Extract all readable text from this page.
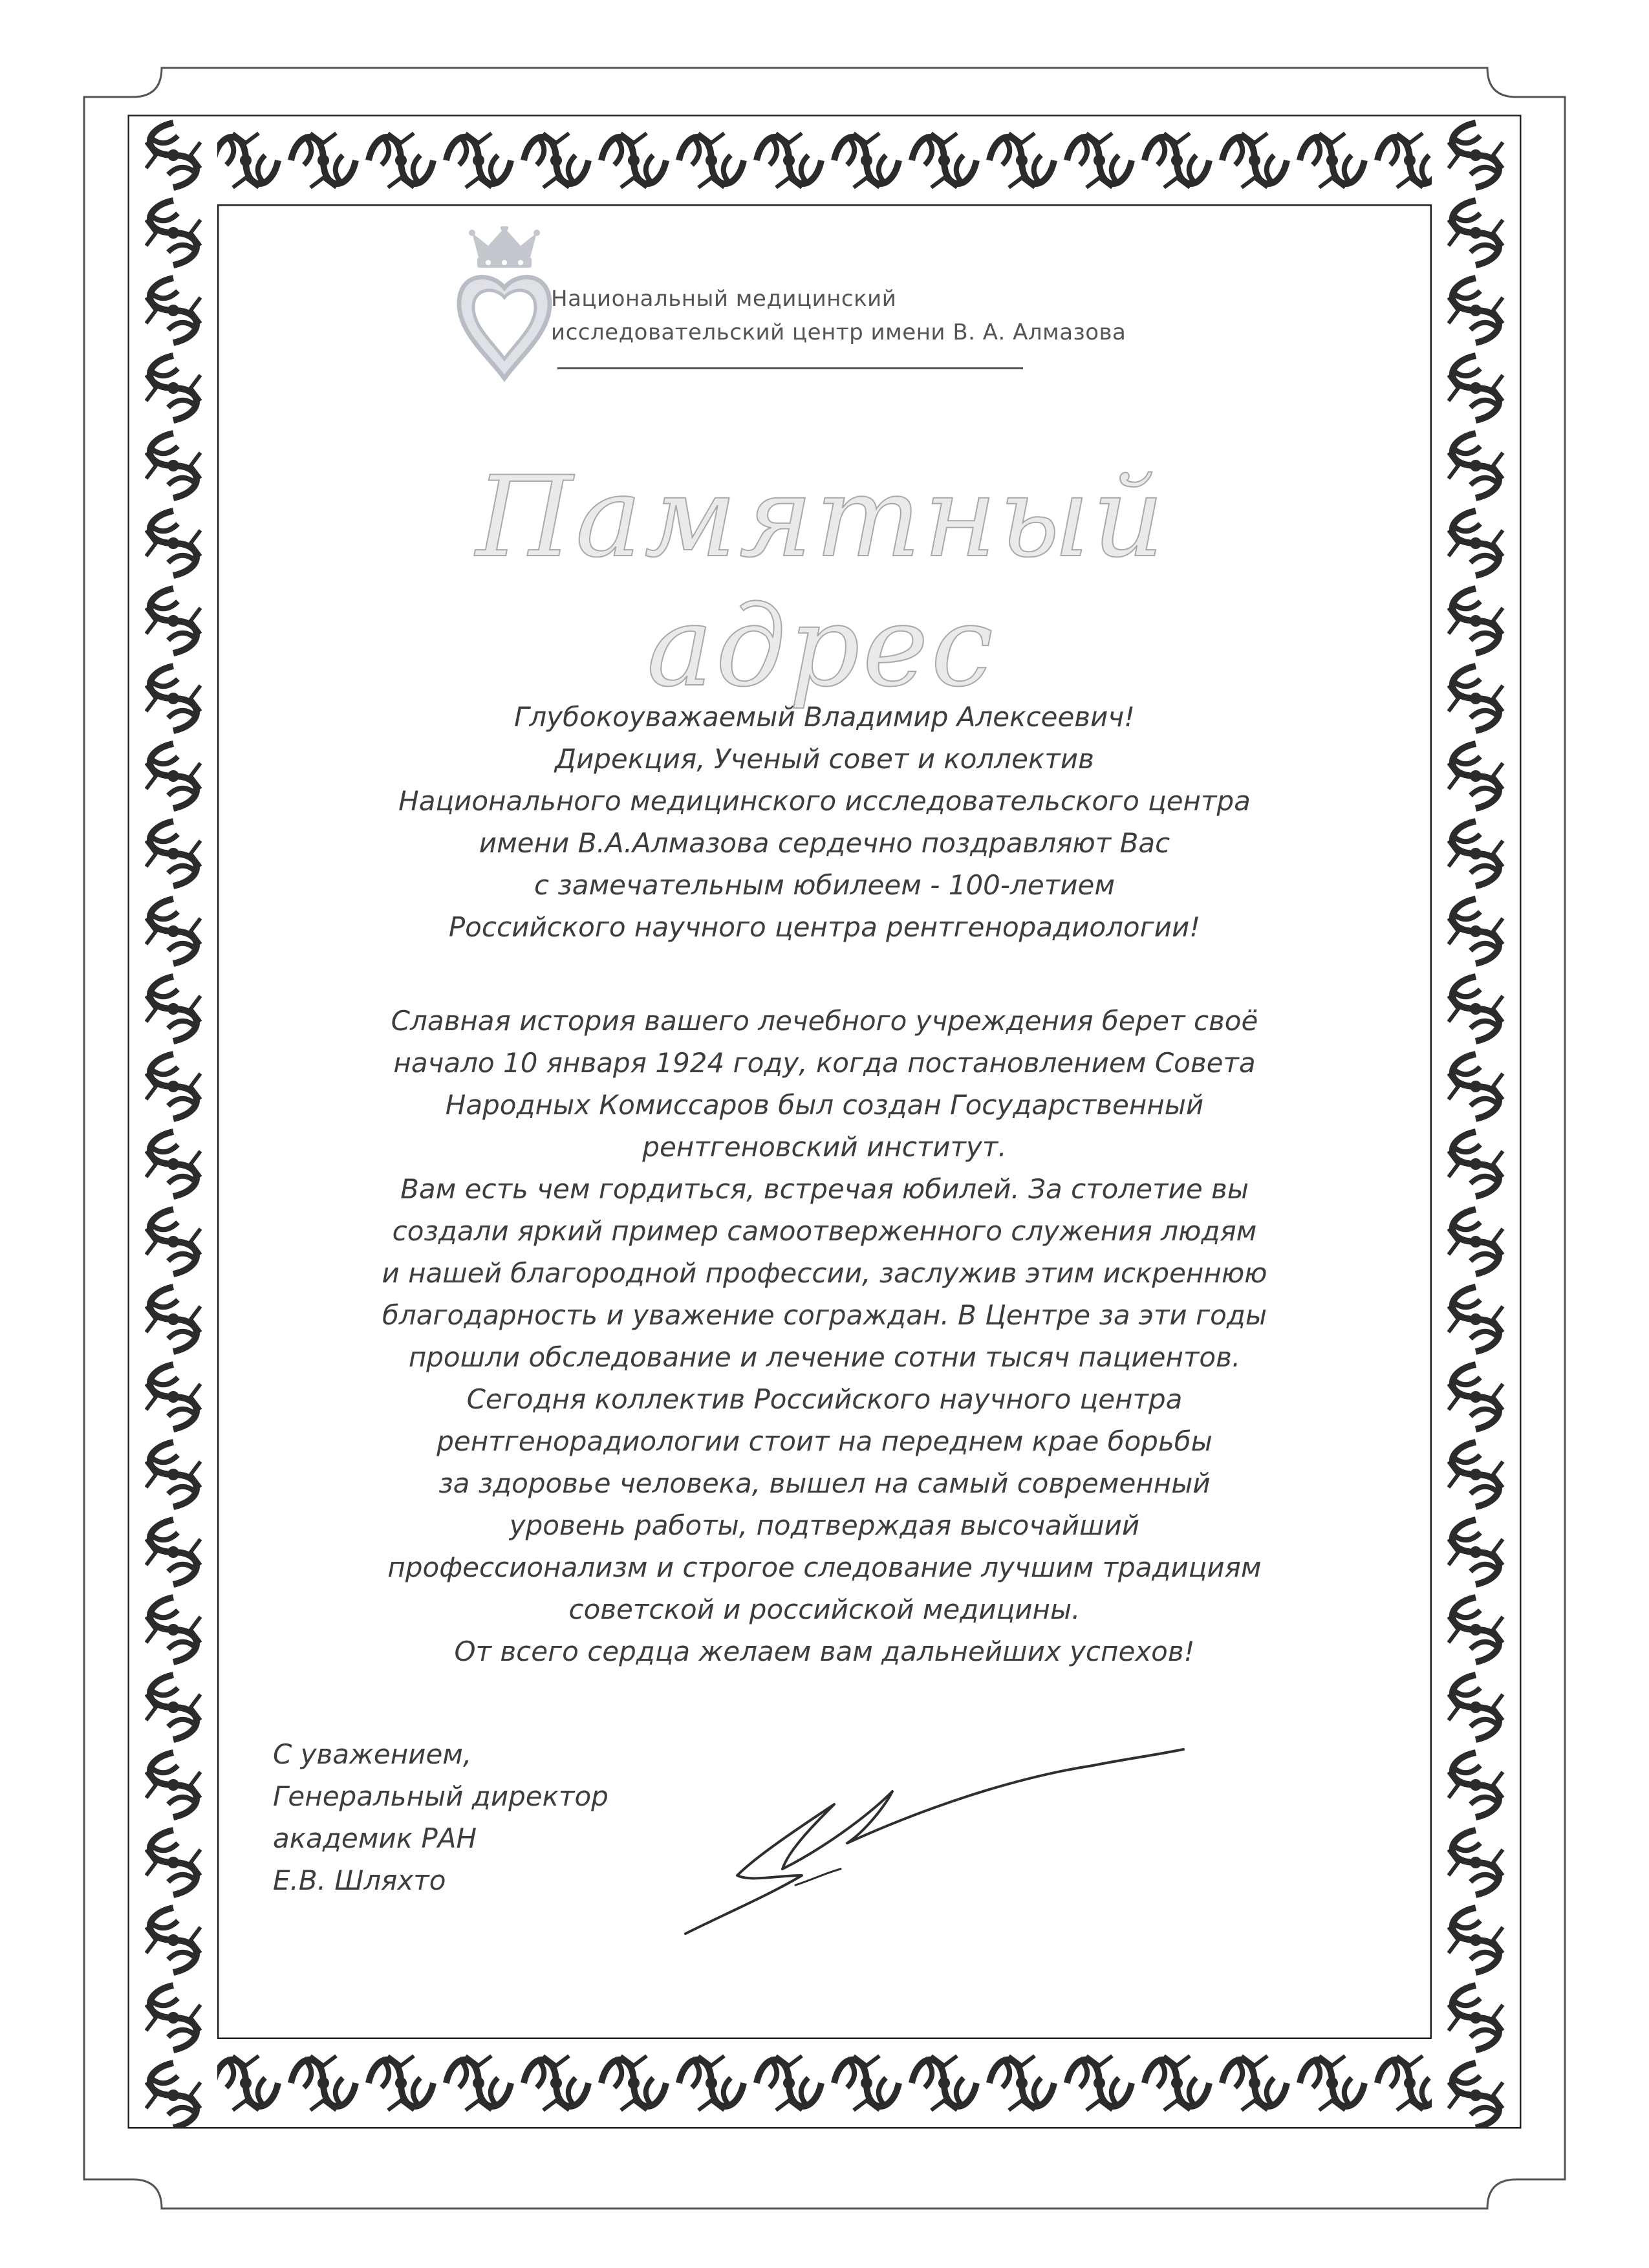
Национальный медицинский
исследовательский центр имени В. А. Алмазова
Памятный адрес
Глубокоуважаемый Владимир Алексеевич!
Дирекция, Ученый совет и коллектив
Национального медицинского исследовательского центра
имени В.А.Алмазова сердечно поздравляют Вас
с замечательным юбилеем - 100-летием
Российского научного центра рентгенорадиологии!
Славная история вашего лечебного учреждения берет своё
начало 10 января 1924 году, когда постановлением Совета
Народных Комиссаров был создан Государственный
рентгеновский институт.
Вам есть чем гордиться, встречая юбилей. За столетие вы
создали яркий пример самоотверженного служения людям
и нашей благородной профессии, заслужив этим искреннюю
благодарность и уважение сограждан. В Центре за эти годы
прошли обследование и лечение сотни тысяч пациентов.
Сегодня коллектив Российского научного центра
рентгенорадиологии стоит на переднем крае борьбы
за здоровье человека, вышел на самый современный
уровень работы, подтверждая высочайший
профессионализм и строгое следование лучшим традициям
советской и российской медицины.
От всего сердца желаем вам дальнейших успехов!
С уважением,
Генеральный директор
академик РАН
Е.В. Шляхто
